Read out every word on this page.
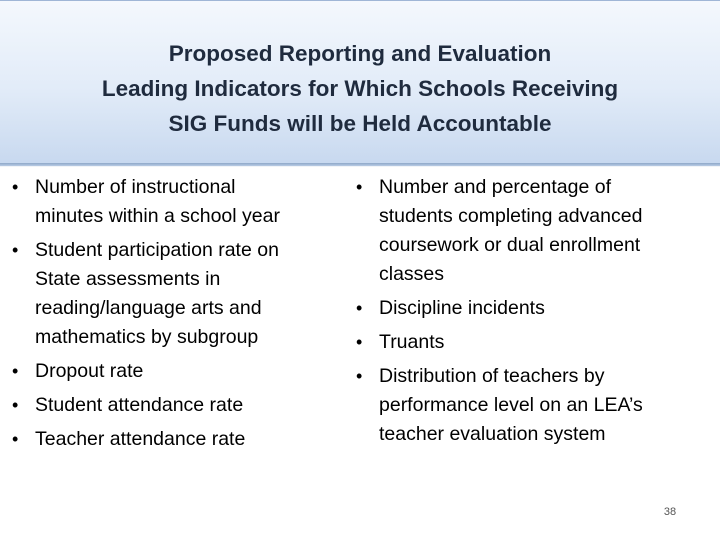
Proposed Reporting and Evaluation
Leading Indicators for Which Schools Receiving
SIG Funds will be Held Accountable
• Number of instructional
minutes within a school year
• Student participation rate on
State assessments in
reading/language arts and
mathematics by subgroup
• Dropout rate
• Student attendance rate
• Teacher attendance rate
• Number and percentage of
students completing advanced
coursework or dual enrollment
classes
• Discipline incidents
• Truants
• Distribution of teachers by
performance level on an LEA’s
teacher evaluation system
38
